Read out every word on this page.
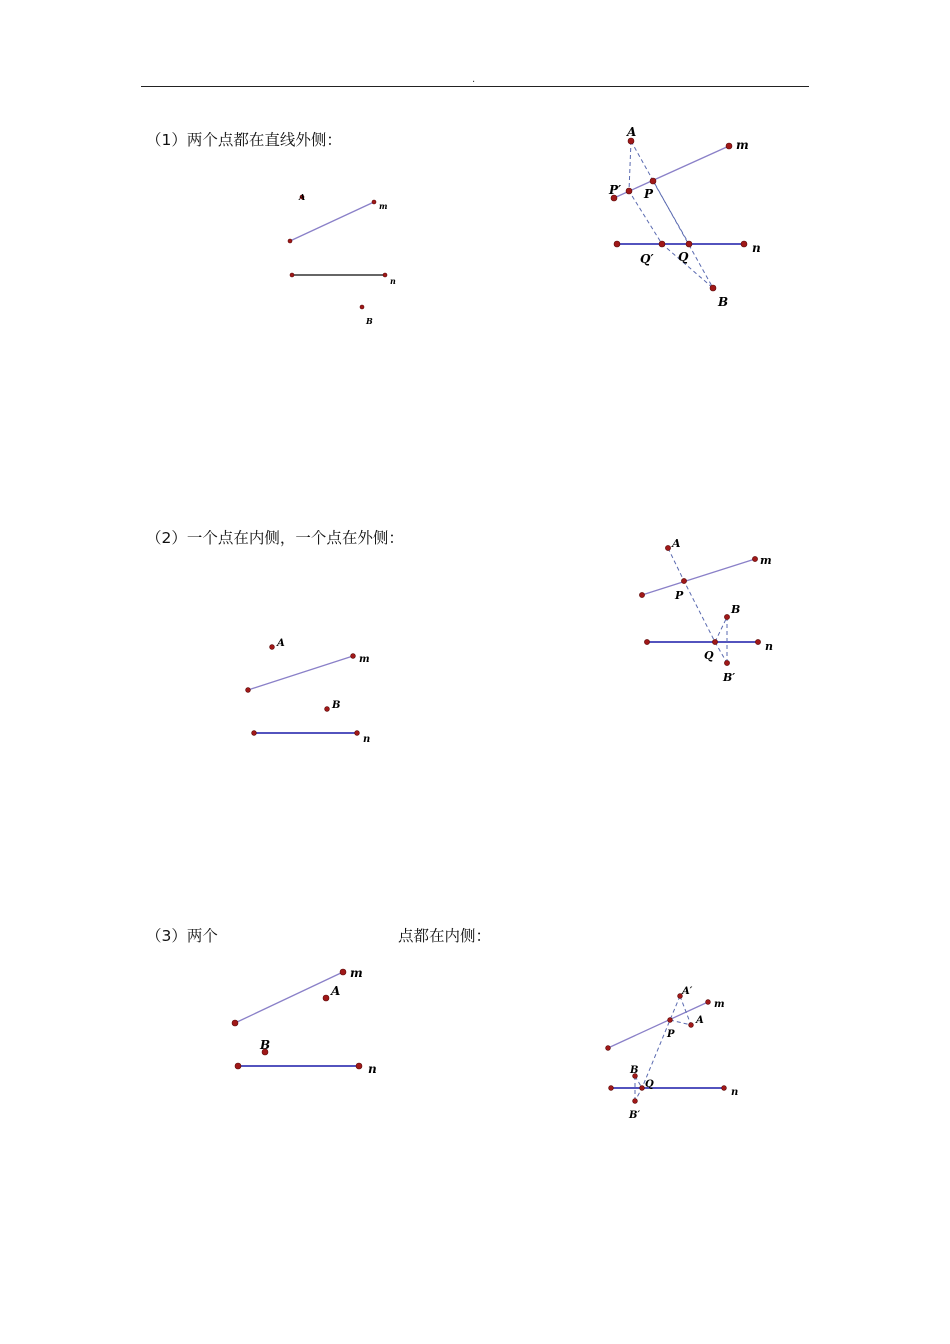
.
（1）两个点都在直线外侧：
A
m
n
B
A
m
P′ P
n
Q′ Q
B
（2）一个点在内侧，一个点在外侧：
A
m
B
n
A
m
P
B
n
Q
B′
（3）两个	点都在内侧：
m
A
B
n
A′
m
A
P
B
Q
n
B′
